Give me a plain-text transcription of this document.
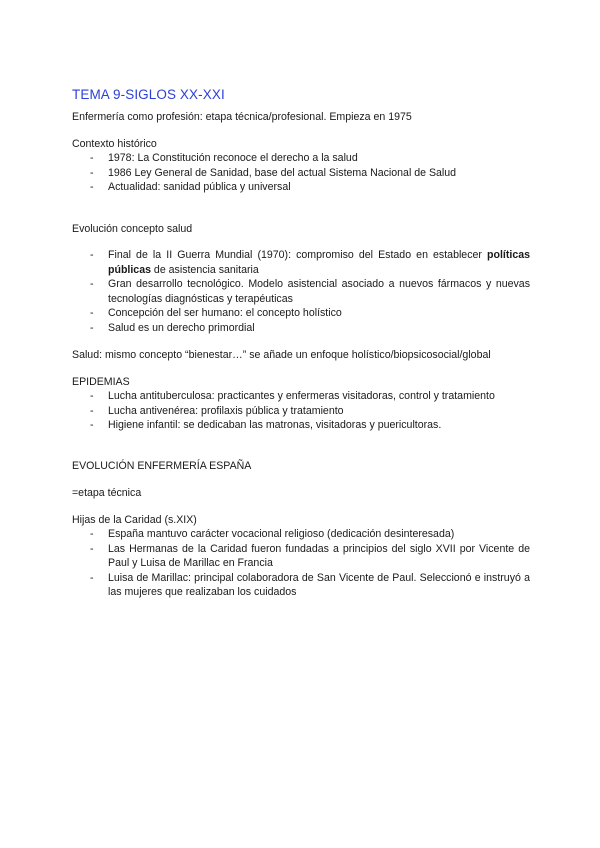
TEMA 9-SIGLOS XX-XXI
Enfermería como profesión: etapa técnica/profesional. Empieza en 1975
Contexto histórico
- 1978: La Constitución reconoce el derecho a la salud
- 1986 Ley General de Sanidad, base del actual Sistema Nacional de Salud
- Actualidad: sanidad pública y universal
Evolución concepto salud
- Final de la II Guerra Mundial (1970): compromiso del Estado en establecer políticas públicas de asistencia sanitaria
- Gran desarrollo tecnológico. Modelo asistencial asociado a nuevos fármacos y nuevas tecnologías diagnósticas y terapéuticas
- Concepción del ser humano: el concepto holístico
- Salud es un derecho primordial
Salud: mismo concepto “bienestar…” se añade un enfoque holístico/biopsicosocial/global
EPIDEMIAS
- Lucha antituberculosa: practicantes y enfermeras visitadoras, control y tratamiento
- Lucha antivenérea: profilaxis pública y tratamiento
- Higiene infantil: se dedicaban las matronas, visitadoras y puericultoras.
EVOLUCIÓN ENFERMERÍA ESPAÑA
=etapa técnica
Hijas de la Caridad (s.XIX)
- España mantuvo carácter vocacional religioso (dedicación desinteresada)
- Las Hermanas de la Caridad fueron fundadas a principios del siglo XVII por Vicente de Paul y Luisa de Marillac en Francia
- Luisa de Marillac: principal colaboradora de San Vicente de Paul. Seleccionó e instruyó a las mujeres que realizaban los cuidados
